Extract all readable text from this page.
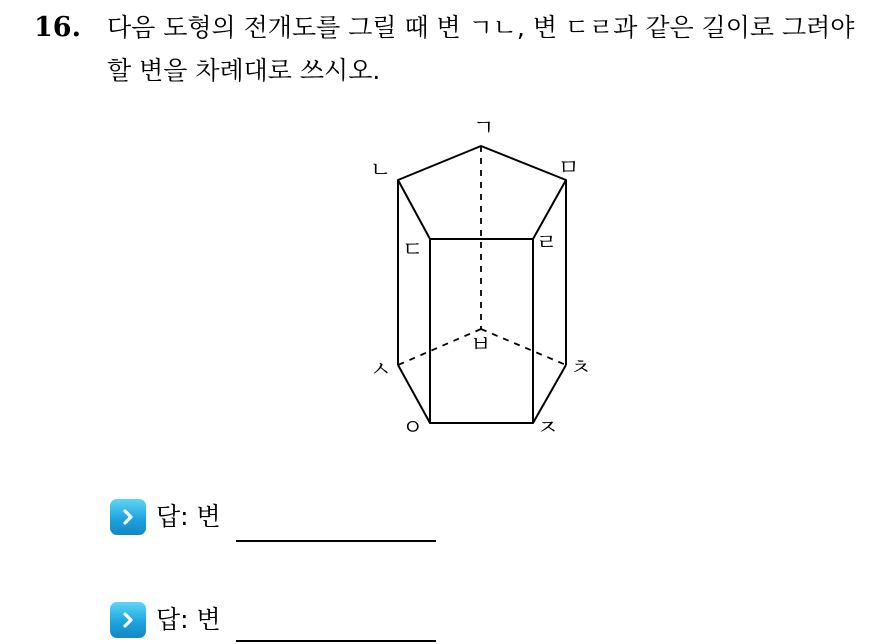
16. 다음 도형의 전개도를 그릴 때 변 ㄱㄴ, 변 ㄷㄹ과 같은 길이로 그려야
할 변을 차례대로 쓰시오.
ㄱ
ㄴ	ㅁ
ㄷ	ㄹ
ㅂ
ㅅ	ㅊ
ㅇ	ㅈ
답: 변
답: 변
